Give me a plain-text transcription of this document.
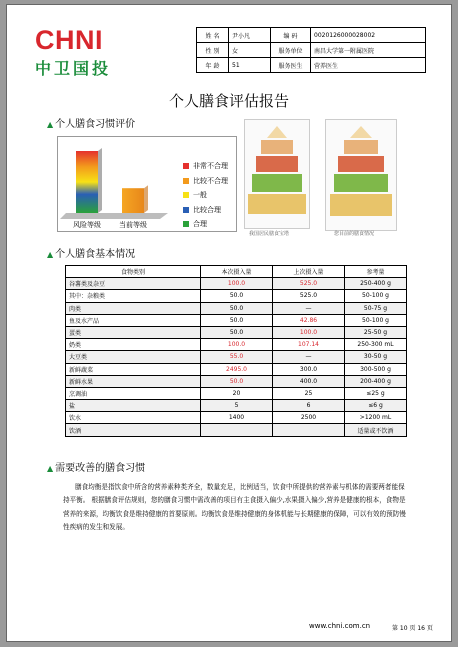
CHNI
中卫国投
姓 名	尹小凡	编 码	0020126000028002
性 别	女	服务单位	南昌大学第一附属医院
年 龄	51	服务医生	营养医生
个人膳食评估报告
▲ 个人膳食习惯评价
风险等级	当前等级
非常不合理
比较不合理
一般
比较合理
合理
我国居民膳食宝塔	您目前的膳食情况
▲ 个人膳食基本情况
食物类别	本次摄入量	上次摄入量	参考量
谷薯类及杂豆	100.0	525.0	250-400 g
其中：杂粮类	50.0	525.0	50-100 g
肉类	50.0	—	50-75 g
鱼及水产品	50.0	42.86	50-100 g
蛋类	50.0	100.0	25-50 g
奶类	100.0	107.14	250-300 mL
大豆类	55.0	—	30-50 g
新鲜蔬菜	2495.0	300.0	300-500 g
新鲜水果	50.0	400.0	200-400 g
烹调油	20	25	≤25 g
盐	5	6	≤6 g
饮水	1400	2500	>1200 mL
饮酒			适量或不饮酒
▲ 需要改善的膳食习惯
膳食均衡是指饮食中所含的营养素种类齐全，数量充足，比例适当，饮食中所提供的营养素与机体的需要两者能保持平衡。 根据膳食评估规则，您的膳食习惯中需改善的项目有主食摄入偏少,水果摄入偏少,营养是健康的根本，食物是营养的来源，均衡饮食是维持健康的首要原则。均衡饮食是维持健康的身体机能与长期健康的保障，可以有效的预防慢性疾病的发生和发展。
www.chni.com.cn	第 10 页 16 页
